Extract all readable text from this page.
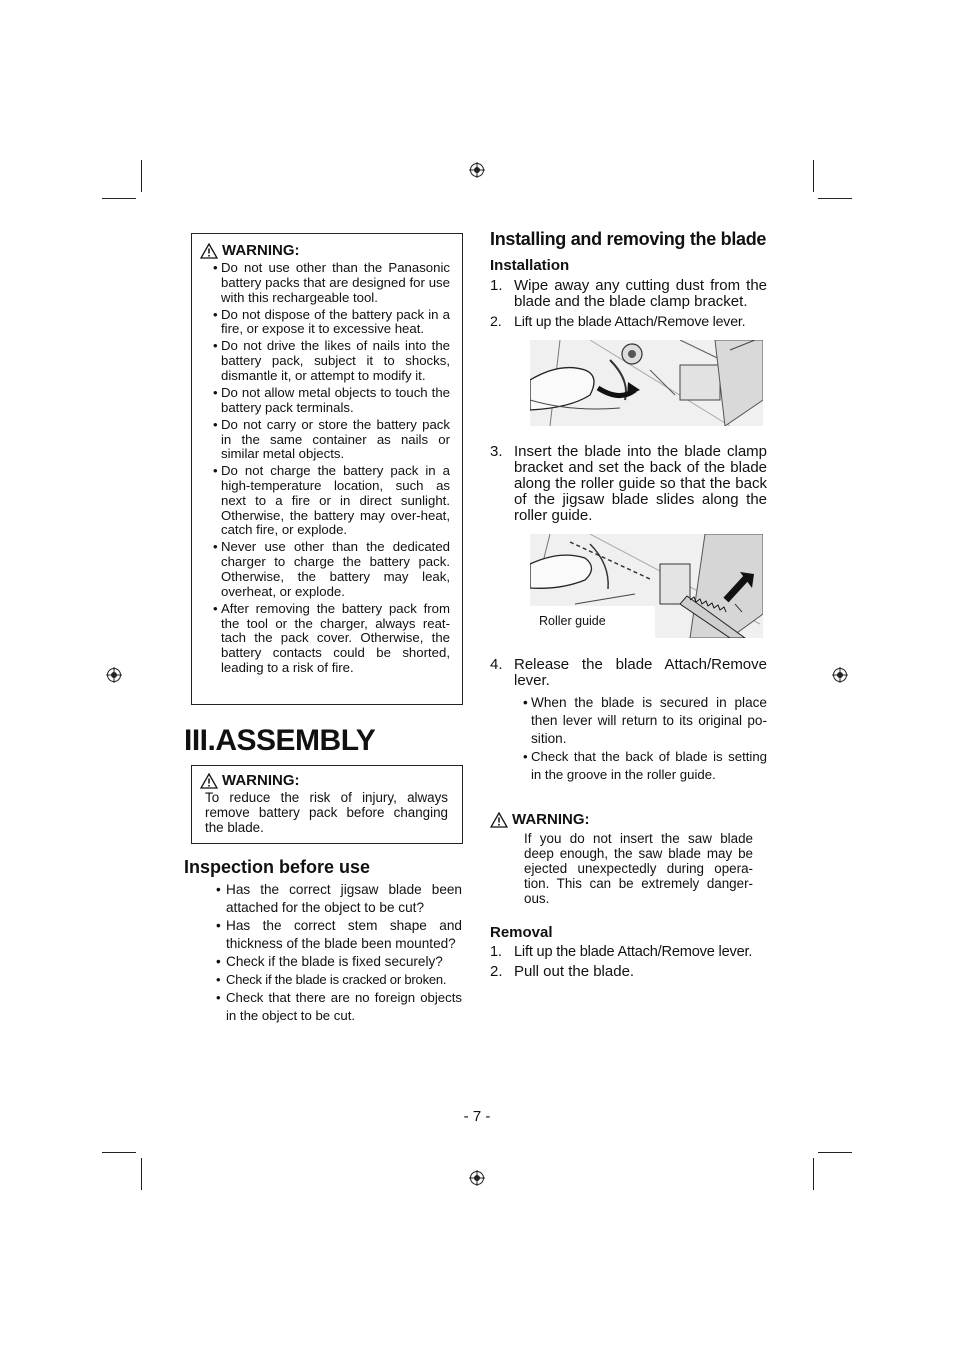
WARNING:
• Do not use other than the Panasonic battery packs that are designed for use with this rechargeable tool.
• Do not dispose of the battery pack in a fire, or expose it to excessive heat.
• Do not drive the likes of nails into the battery pack, subject it to shocks, dismantle it, or attempt to modify it.
• Do not allow metal objects to touch the battery pack terminals.
• Do not carry or store the battery pack in the same container as nails or similar metal objects.
• Do not charge the battery pack in a high-temperature location, such as next to a fire or in direct sunlight. Otherwise, the battery may over-heat, catch fire, or explode.
• Never use other than the dedicated charger to charge the battery pack. Otherwise, the battery may leak, overheat, or explode.
• After removing the battery pack from the tool or the charger, always reat-tach the pack cover. Otherwise, the battery contacts could be shorted, leading to a risk of fire.
III.ASSEMBLY
WARNING:
To reduce the risk of injury, always remove battery pack before changing the blade.
Inspection before use
• Has the correct jigsaw blade been attached for the object to be cut?
• Has the correct stem shape and thickness of the blade been mounted?
• Check if the blade is fixed securely?
• Check if the blade is cracked or broken.
• Check that there are no foreign objects in the object to be cut.
Installing and removing the blade
Installation
1. Wipe away any cutting dust from the blade and the blade clamp bracket.
2. Lift up the blade Attach/Remove lever.
3. Insert the blade into the blade clamp bracket and set the back of the blade along the roller guide so that the back of the jigsaw blade slides along the roller guide.
Roller guide
4. Release the blade Attach/Remove lever.
• When the blade is secured in place then lever will return to its original po-sition.
• Check that the back of blade is setting in the groove in the roller guide.
WARNING:
If you do not insert the saw blade deep enough, the saw blade may be ejected unexpectedly during opera-tion. This can be extremely danger-ous.
Removal
1. Lift up the blade Attach/Remove lever.
2. Pull out the blade.
- 7 -
